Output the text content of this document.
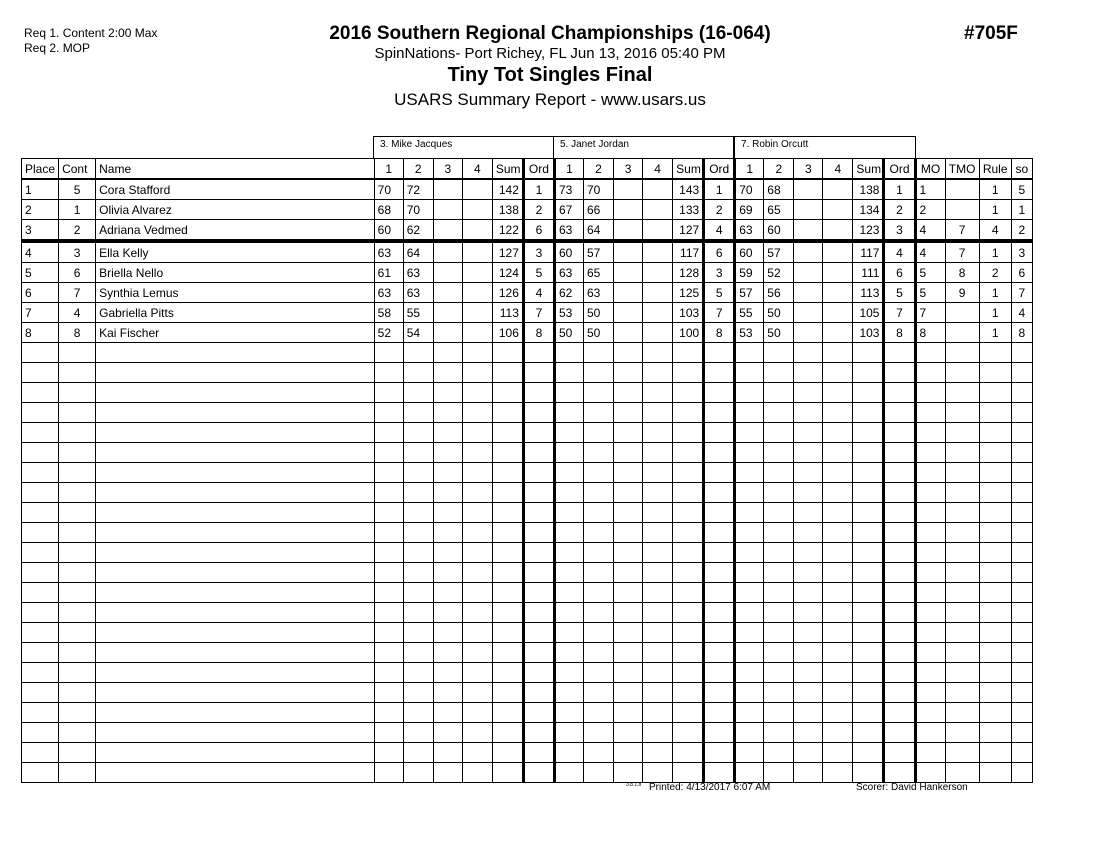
Req 1. Content 2:00 Max
Req 2. MOP
2016 Southern Regional Championships (16-064)
SpinNations- Port Richey, FL Jun 13, 2016 05:40 PM
Tiny Tot Singles Final
USARS Summary Report - www.usars.us
#705F
3. Mike Jacques	5. Janet Jordan	7. Robin Orcutt
Place	Cont	Name	1	2	3	4	Sum	Ord	1	2	3	4	Sum	Ord	1	2	3	4	Sum	Ord	MO	TMO	Rule	so
1	5	Cora Stafford	70	72			142	1	73	70			143	1	70	68			138	1	1		1	5
2	1	Olivia Alvarez	68	70			138	2	67	66			133	2	69	65			134	2	2		1	1
3	2	Adriana Vedmed	60	62			122	6	63	64			127	4	63	60			123	3	4	7	4	2
4	3	Ella Kelly	63	64			127	3	60	57			117	6	60	57			117	4	4	7	1	3
5	6	Briella Nello	61	63			124	5	63	65			128	3	59	52			111	6	5	8	2	6
6	7	Synthia Lemus	63	63			126	4	62	63			125	5	57	56			113	5	5	9	1	7
7	4	Gabriella Pitts	58	55			113	7	53	50			103	7	55	50			105	7	7		1	4
8	8	Kai Fischer	52	54			106	8	50	50			100	8	53	50			103	8	8		1	8

3.8.1.8 Printed: 4/13/2017 6:07 AM	Scorer: David Hankerson
